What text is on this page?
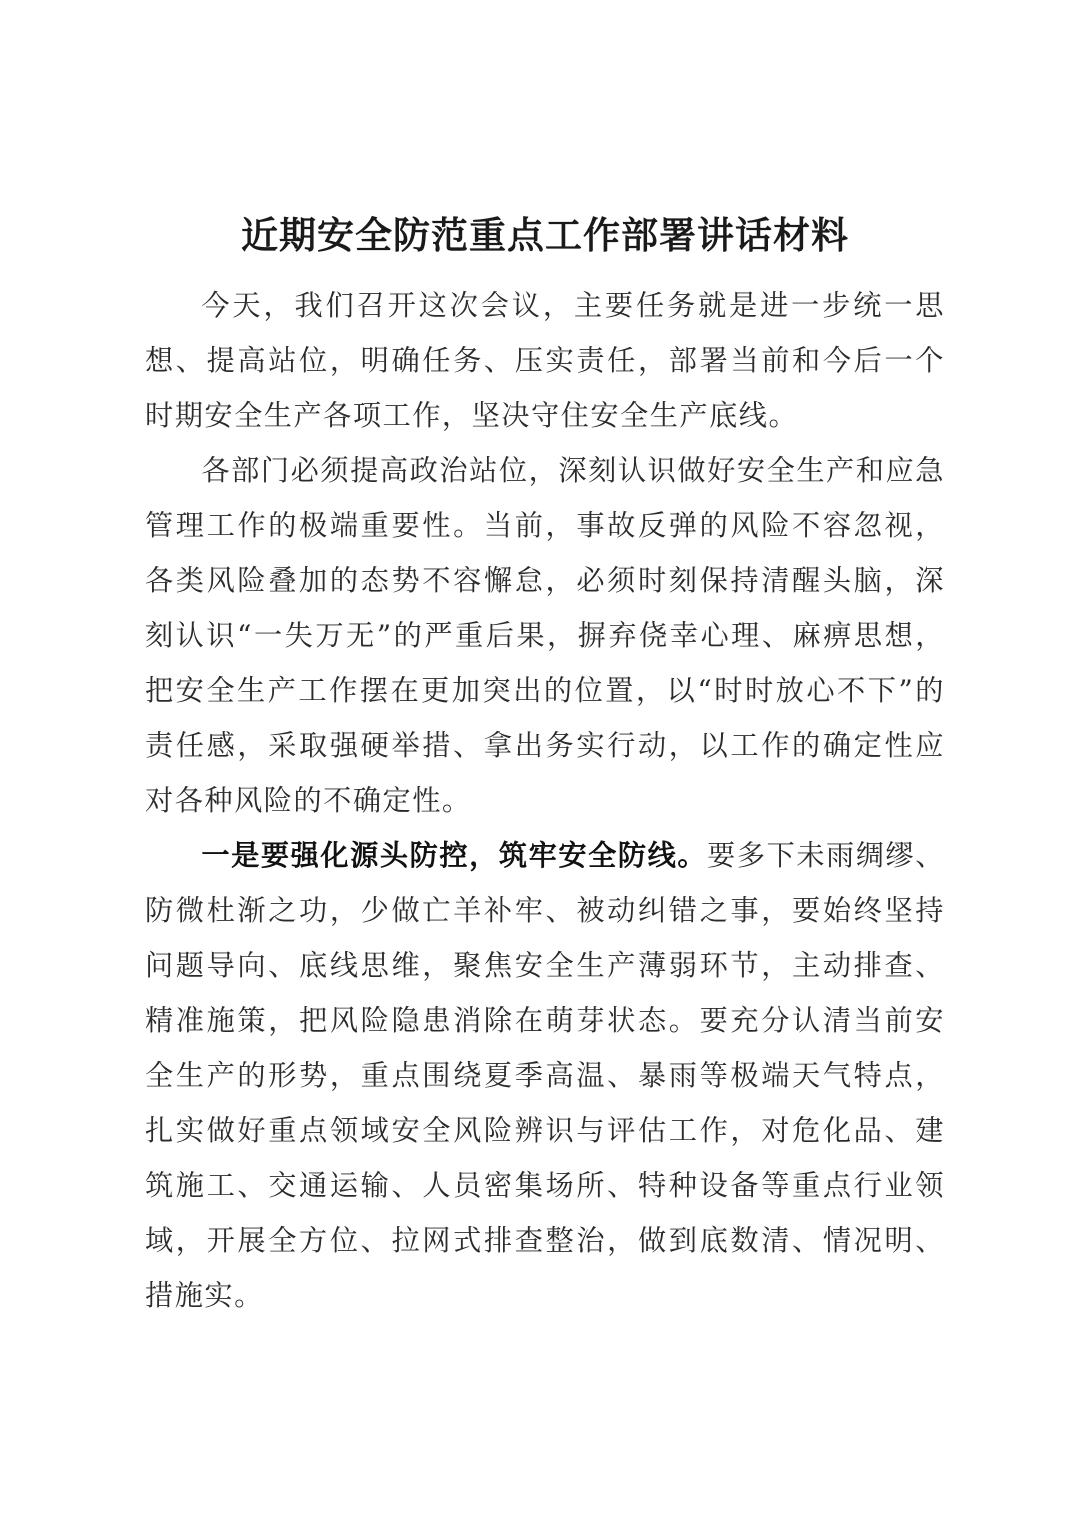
近期安全防范重点工作部署讲话材料

今天，我们召开这次会议，主要任务就是进一步统一思想、提高站位，明确任务、压实责任，部署当前和今后一个时期安全生产各项工作，坚决守住安全生产底线。

各部门必须提高政治站位，深刻认识做好安全生产和应急管理工作的极端重要性。当前，事故反弹的风险不容忽视，各类风险叠加的态势不容懈怠，必须时刻保持清醒头脑，深刻认识“一失万无”的严重后果，摒弃侥幸心理、麻痹思想，把安全生产工作摆在更加突出的位置，以“时时放心不下”的责任感，采取强硬举措、拿出务实行动，以工作的确定性应对各种风险的不确定性。

一是要强化源头防控，筑牢安全防线。要多下未雨绸缪、防微杜渐之功，少做亡羊补牢、被动纠错之事，要始终坚持问题导向、底线思维，聚焦安全生产薄弱环节，主动排查、精准施策，把风险隐患消除在萌芽状态。要充分认清当前安全生产的形势，重点围绕夏季高温、暴雨等极端天气特点，扎实做好重点领域安全风险辨识与评估工作，对危化品、建筑施工、交通运输、人员密集场所、特种设备等重点行业领域，开展全方位、拉网式排查整治，做到底数清、情况明、措施实。
